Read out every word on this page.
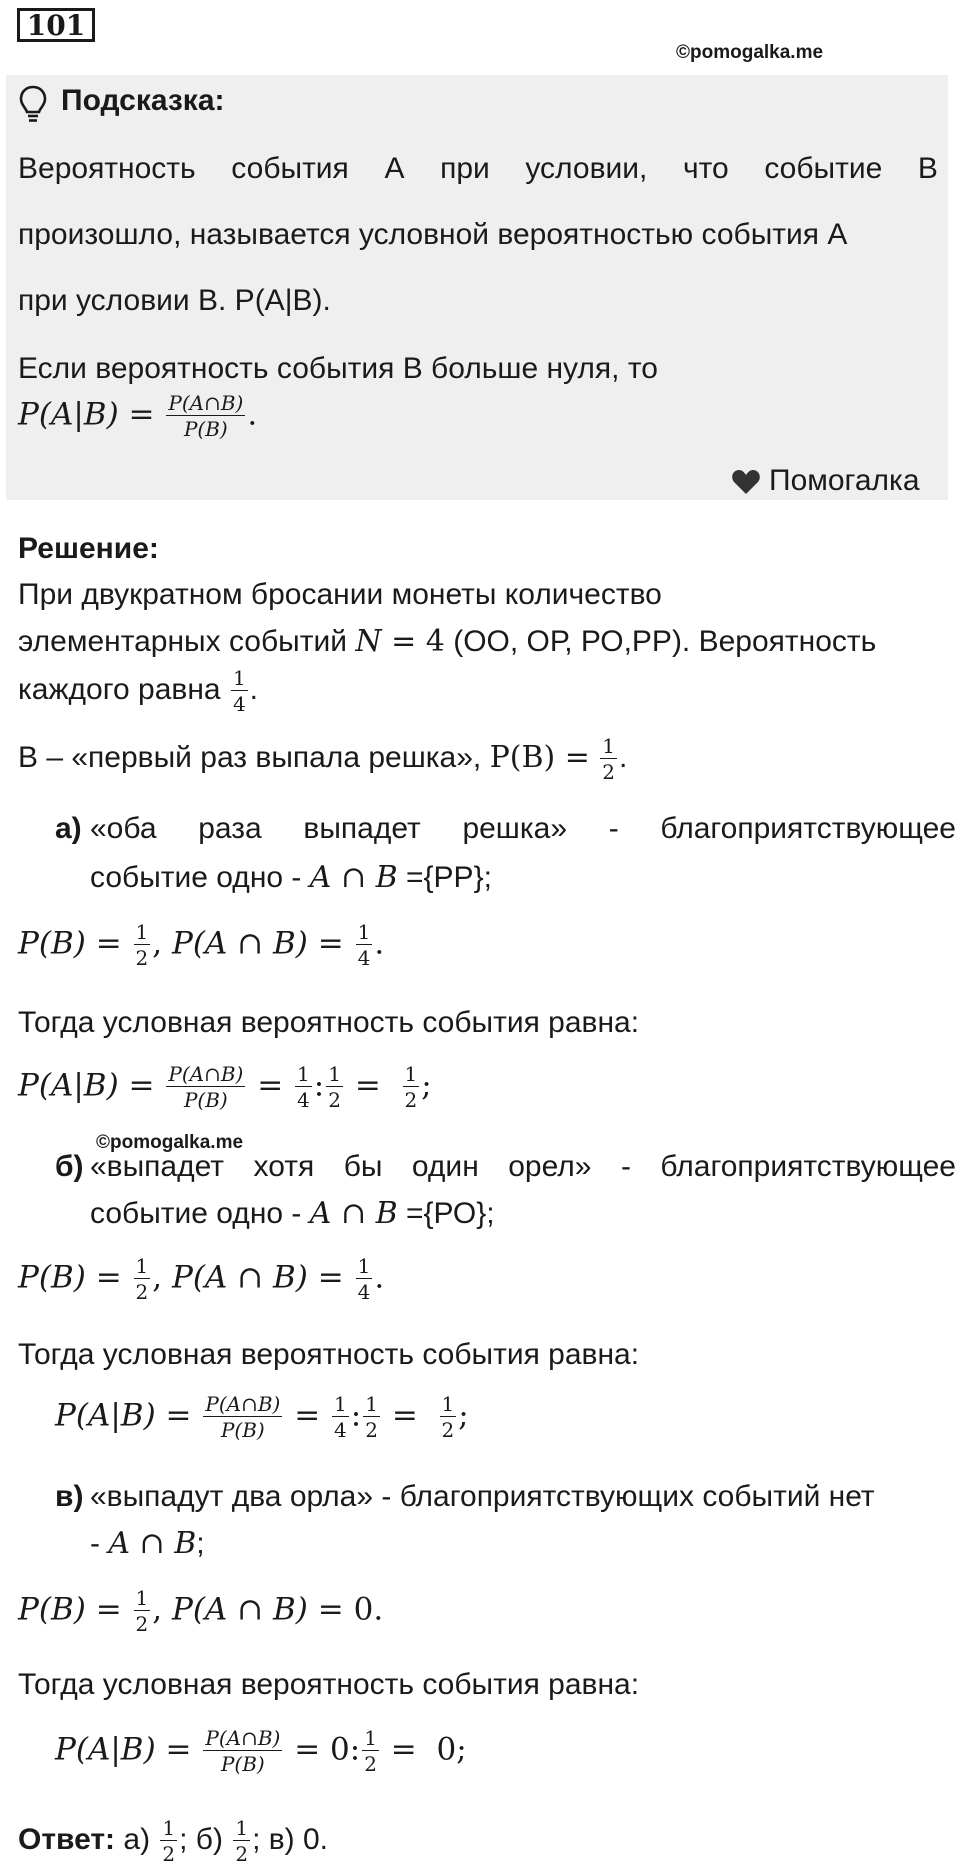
101
©pomogalka.me
Подсказка:
Вероятность события А при условии, что событие В
произошло, называется условной вероятностью события А
при условии В. Р(А|В).
Если вероятность события В больше нуля, то
$P(A|B) = \frac{P(A\cap B)}{P(B)}$ .
Помогалка
Решение:
При двукратном бросании монеты количество
элементарных событий N = 4 (ОО, ОР, РО,РР). Вероятность
каждого равна $\frac{1}{4}$ .
В – «первый раз выпала решка», $P(B) = \frac{1}{2}$ .
а) «оба раза выпадет решка» - благоприятствующее
событие одно - A ∩ B ={РР};
$P(B) = \frac{1}{2}$ , P(A ∩ $B) = \frac{1}{4}$ .
Тогда условная вероятность события равна:
$P(A|B) = \frac{P(A\cap B)}{P(B)} = \frac{1}{4}$ : $\frac{1}{2} = \frac{1}{2}$ ;
©pomogalka.me
б) «выпадет хотя бы один орел» - благоприятствующее
событие одно - A ∩ B ={РО};
$P(B) = \frac{1}{2}$ , P(A ∩ $B) = \frac{1}{4}$ .
Тогда условная вероятность события равна:
$P(A|B) = \frac{P(A\cap B)}{P(B)} = \frac{1}{4}$ : $\frac{1}{2} = \frac{1}{2}$ ;
в) «выпадут два орла» - благоприятствующих событий нет
- A ∩ B;
$P(B) = \frac{1}{2}$ , P(A ∩ B) = 0.
Тогда условная вероятность события равна:
$P(A|B) = \frac{P(A\cap B)}{P(B)} = 0$: $\frac{1}{2} = 0$;
Ответ: $а) \frac{1}{2}$ ; $б) \frac{1}{2}$ ; в) 0.
